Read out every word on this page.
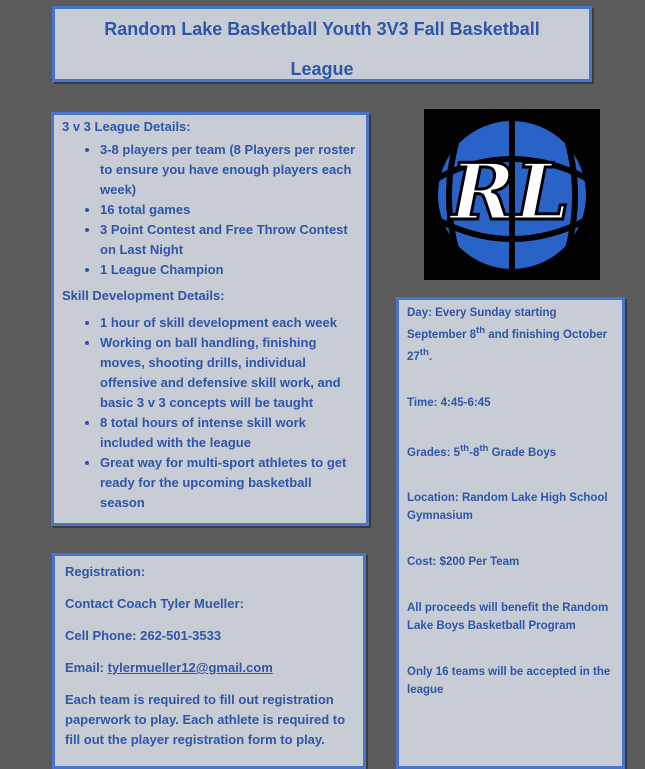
Random Lake Basketball Youth 3V3 Fall Basketball
League
3 v 3 League Details:
• 3-8 players per team (8 Players per roster to ensure you have enough players each week)
• 16 total games
• 3 Point Contest and Free Throw Contest on Last Night
• 1 League Champion
Skill Development Details:
• 1 hour of skill development each week
• Working on ball handling, finishing moves, shooting drills, individual offensive and defensive skill work, and basic 3 v 3 concepts will be taught
• 8 total hours of intense skill work included with the league
• Great way for multi-sport athletes to get ready for the upcoming basketball season

Registration:

Contact Coach Tyler Mueller:

Cell Phone: 262-501-3533

Email: tylermueller12@gmail.com

Each team is required to fill out registration paperwork to play. Each athlete is required to fill out the player registration form to play.

RL

Day: Every Sunday starting September 8th and finishing October 27th.

Time: 4:45-6:45

Grades: 5th-8th Grade Boys

Location: Random Lake High School Gymnasium

Cost: $200 Per Team

All proceeds will benefit the Random Lake Boys Basketball Program

Only 16 teams will be accepted in the league
